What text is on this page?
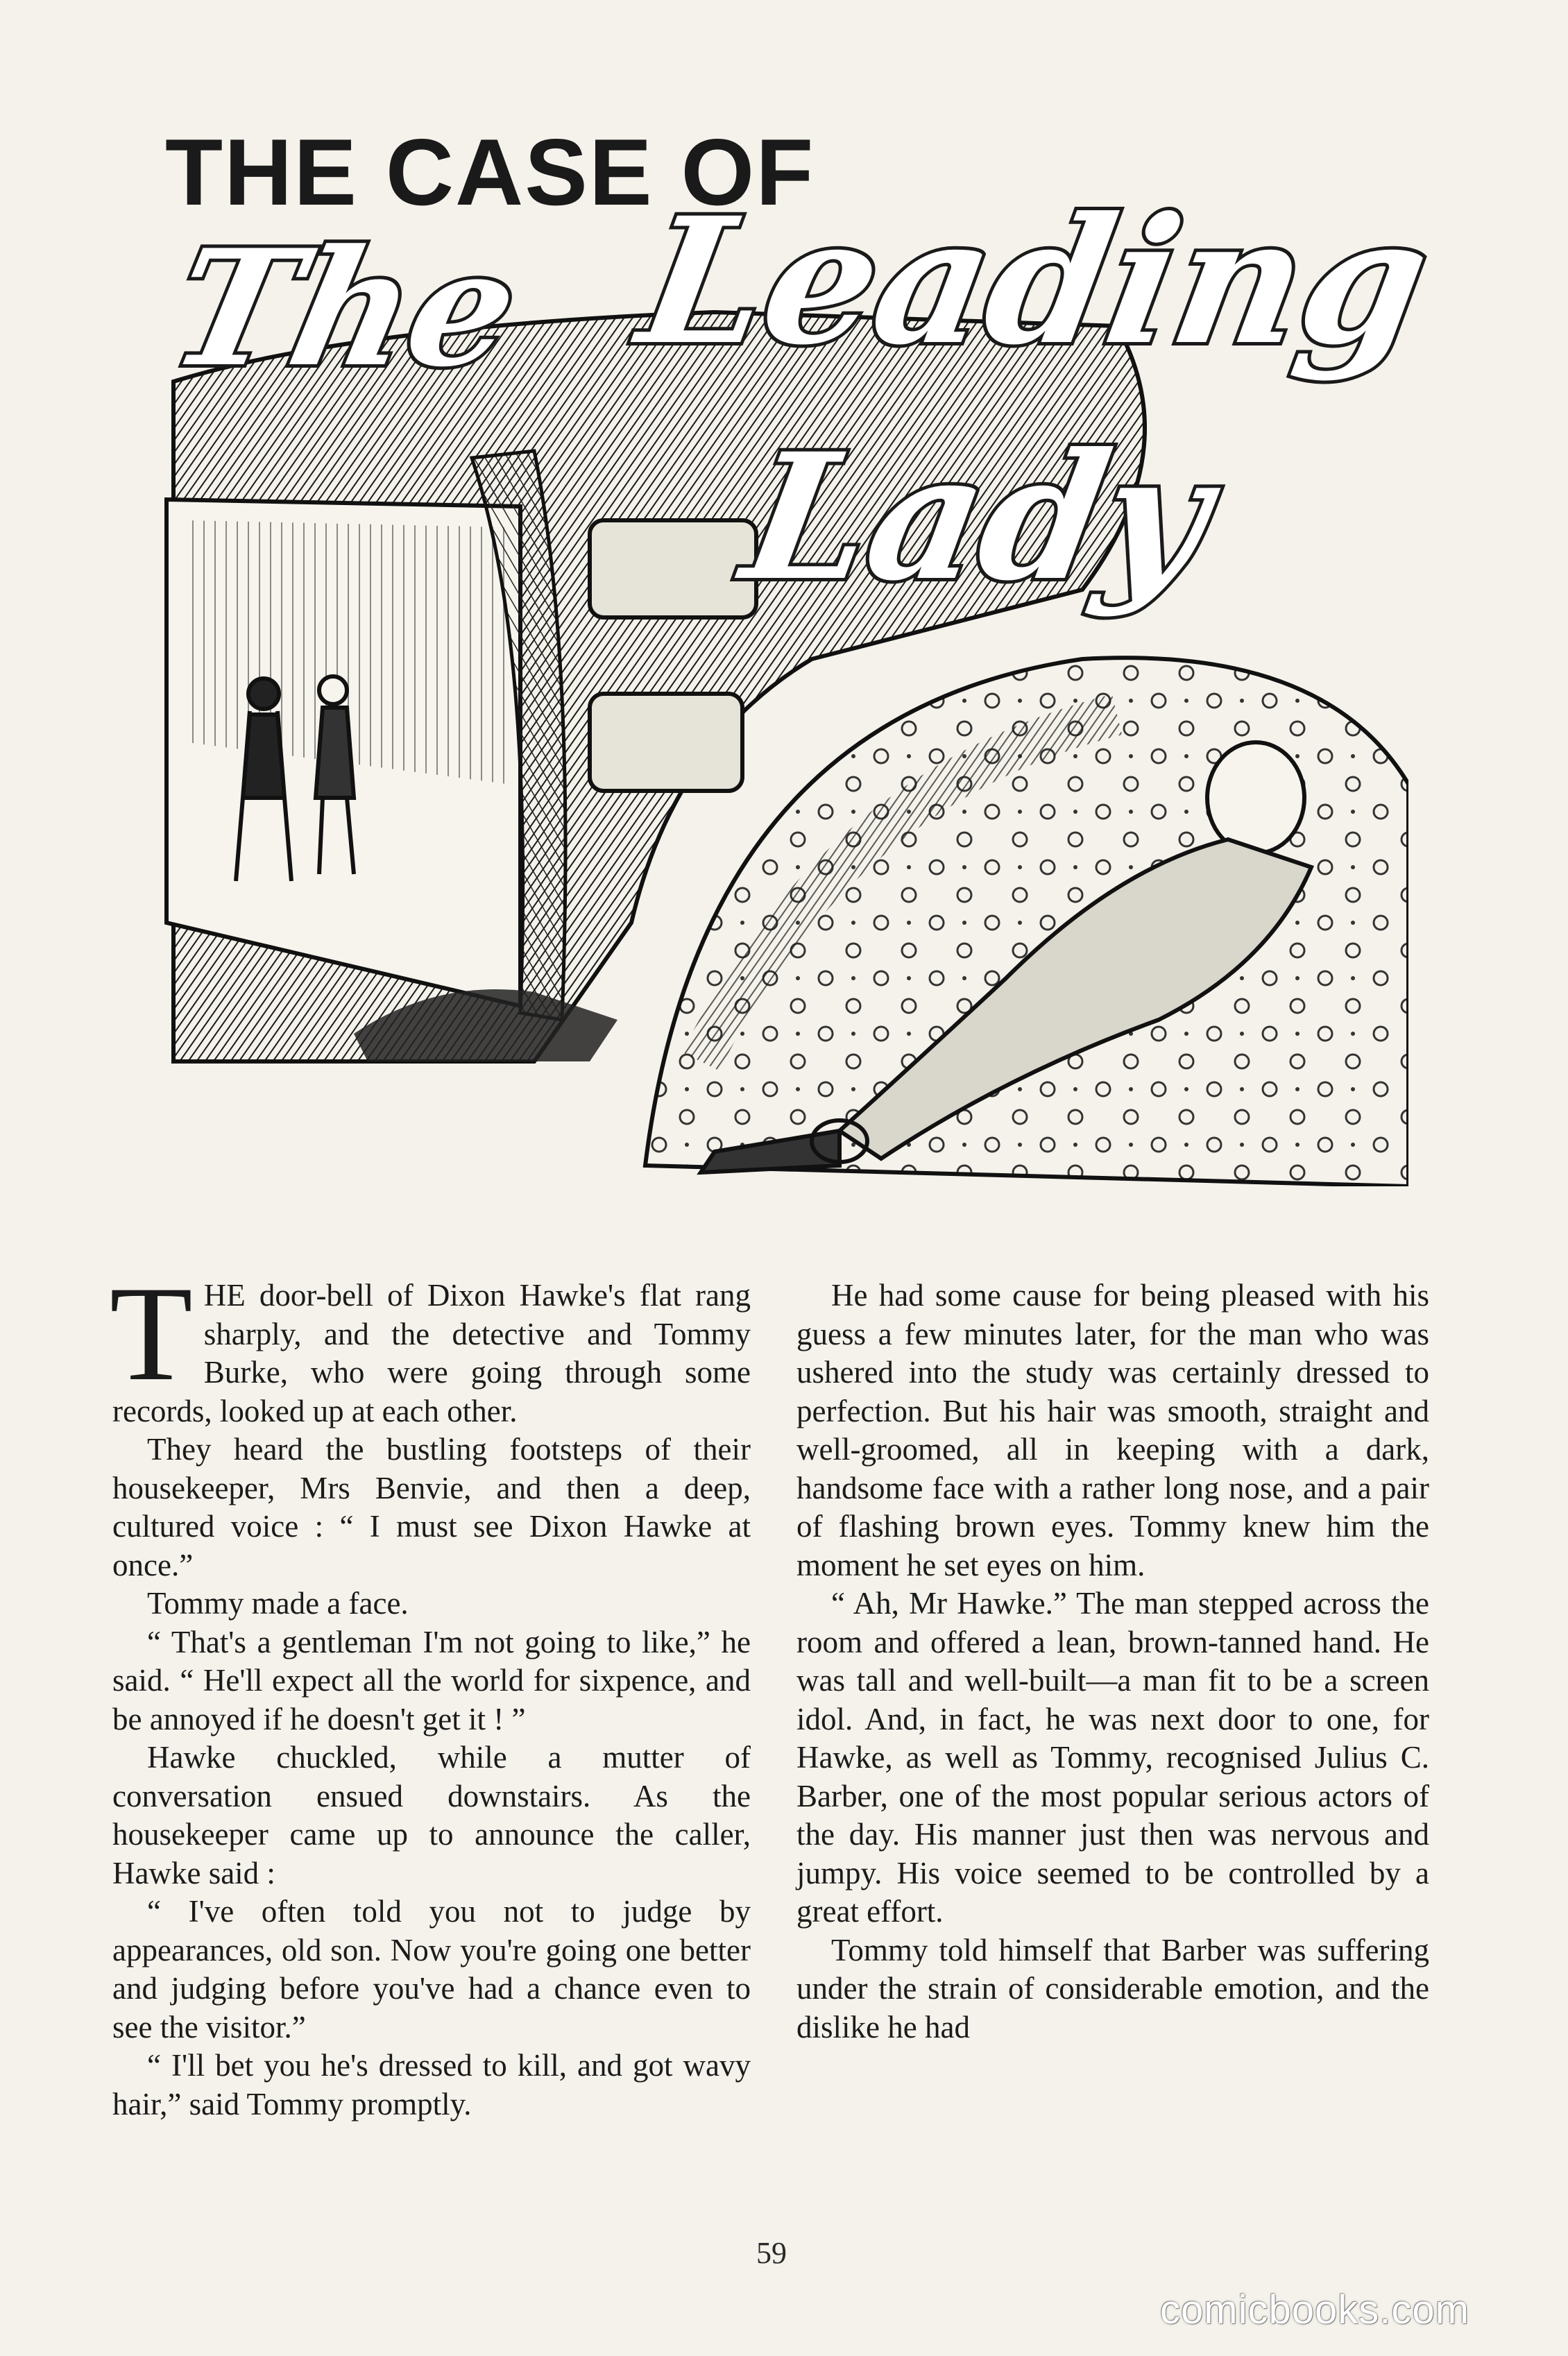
THE CASE OF
The Leading
Lady

THE door-bell of Dixon Hawke's flat rang sharply, and the detective and Tommy Burke, who were going through some records, looked up at each other.

They heard the bustling footsteps of their housekeeper, Mrs Benvie, and then a deep, cultured voice : “ I must see Dixon Hawke at once.”

Tommy made a face.

“ That's a gentleman I'm not going to like,” he said. “ He'll expect all the world for sixpence, and be annoyed if he doesn't get it ! ”

Hawke chuckled, while a mutter of conversation ensued downstairs. As the housekeeper came up to announce the caller, Hawke said :

“ I've often told you not to judge by appearances, old son. Now you're going one better and judging before you've had a chance even to see the visitor.”

“ I'll bet you he's dressed to kill, and got wavy hair,” said Tommy promptly.

He had some cause for being pleased with his guess a few minutes later, for the man who was ushered into the study was certainly dressed to perfection. But his hair was smooth, straight and well-groomed, all in keeping with a dark, handsome face with a rather long nose, and a pair of flashing brown eyes. Tommy knew him the moment he set eyes on him.

“ Ah, Mr Hawke.” The man stepped across the room and offered a lean, brown-tanned hand. He was tall and well-built—a man fit to be a screen idol. And, in fact, he was next door to one, for Hawke, as well as Tommy, recognised Julius C. Barber, one of the most popular serious actors of the day. His manner just then was nervous and jumpy. His voice seemed to be controlled by a great effort.

Tommy told himself that Barber was suffering under the strain of considerable emotion, and the dislike he had

59
comicbooks.com
